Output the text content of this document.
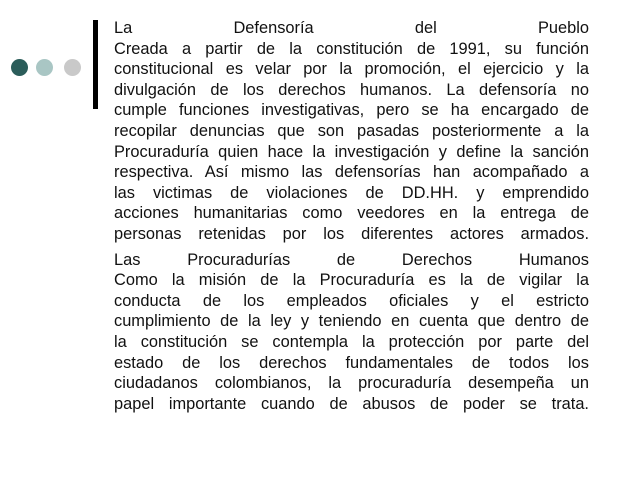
La Defensoría del Pueblo
Creada a partir de la constitución de 1991, su función
constitucional es velar por la promoción, el ejercicio y la
divulgación de los derechos humanos. La defensoría no
cumple funciones investigativas, pero se ha encargado de
recopilar denuncias que son pasadas posteriormente a la
Procuraduría quien hace la investigación y define la sanción
respectiva. Así mismo las defensorías han acompañado a
las victimas de violaciones de DD.HH. y emprendido
acciones humanitarias como veedores en la entrega de
personas retenidas por los diferentes actores armados.

Las Procuradurías de Derechos Humanos
Como la misión de la Procuraduría es la de vigilar la
conducta de los empleados oficiales y el estricto
cumplimiento de la ley y teniendo en cuenta que dentro de
la constitución se contempla la protección por parte del
estado de los derechos fundamentales de todos los
ciudadanos colombianos, la procuraduría desempeña un
papel importante cuando de abusos de poder se trata.
